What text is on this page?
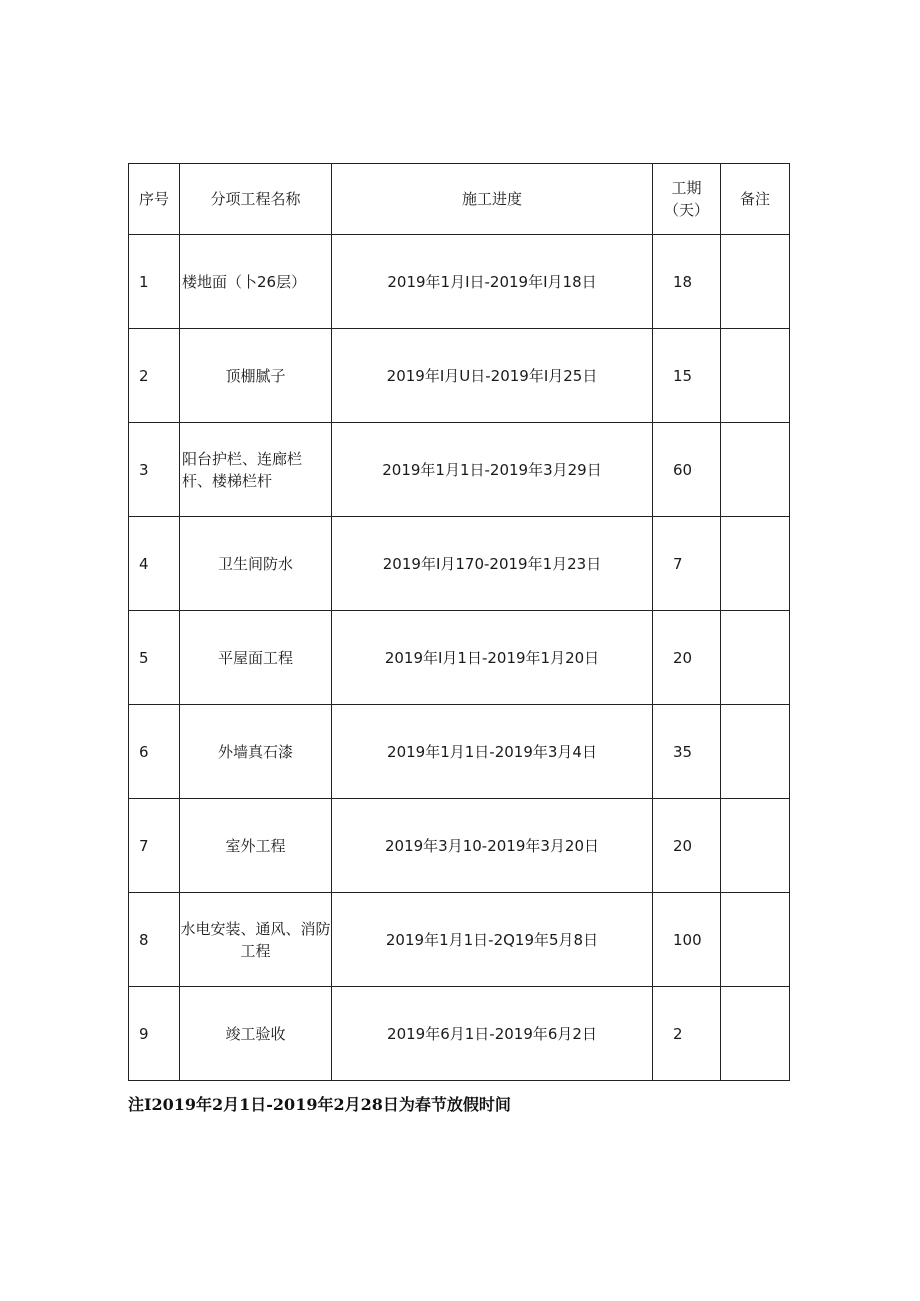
序号	分项工程名称	施工进度	工期（天）	备注
1	楼地面（卜26层）	2019年1月I日-2019年I月18日	18	
2	顶棚腻子	2019年I月U日-2019年I月25日	15	
3	阳台护栏、连廊栏杆、楼梯栏杆	2019年1月1日-2019年3月29日	60	
4	卫生间防水	2019年I月170-2019年1月23日	7	
5	平屋面工程	2019年I月1日-2019年1月20日	20	
6	外墙真石漆	2019年1月1日-2019年3月4日	35	
7	室外工程	2019年3月10-2019年3月20日	20	
8	水电安装、通风、消防工程	2019年1月1日-2Q19年5月8日	100	
9	竣工验收	2019年6月1日-2019年6月2日	2	
注I2019年2月1日-2019年2月28日为春节放假时间
